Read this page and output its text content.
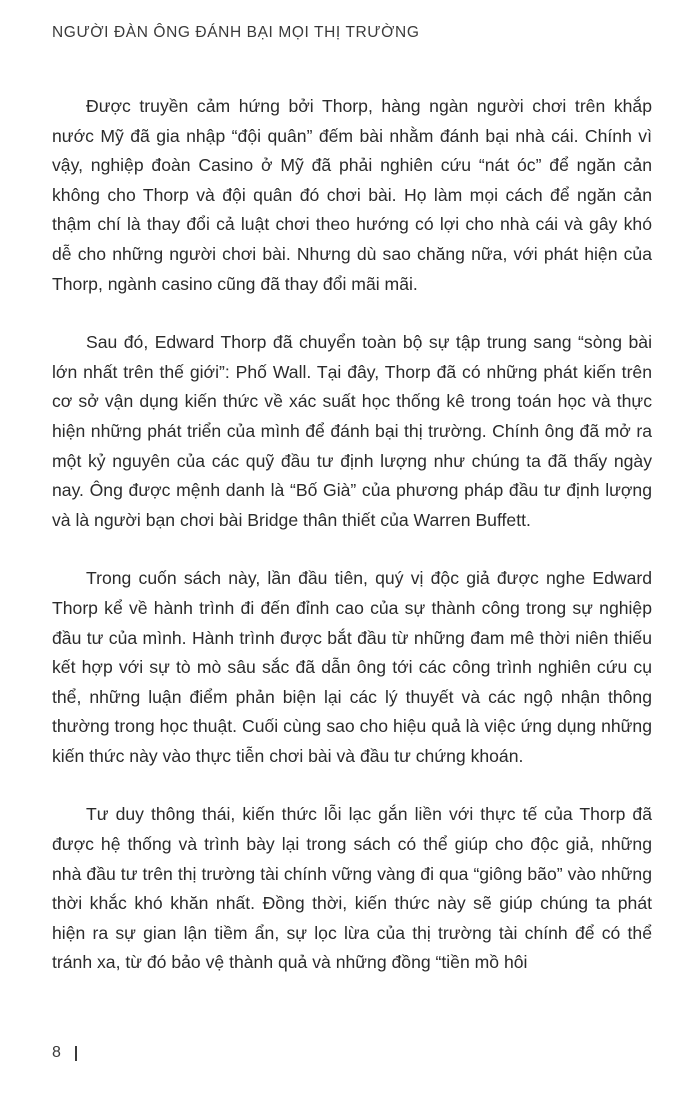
NGƯỜI ĐÀN ÔNG ĐÁNH BẠI MỌI THỊ TRƯỜNG

Được truyền cảm hứng bởi Thorp, hàng ngàn người chơi trên khắp nước Mỹ đã gia nhập “đội quân” đếm bài nhằm đánh bại nhà cái. Chính vì vậy, nghiệp đoàn Casino ở Mỹ đã phải nghiên cứu “nát óc” để ngăn cản không cho Thorp và đội quân đó chơi bài. Họ làm mọi cách để ngăn cản thậm chí là thay đổi cả luật chơi theo hướng có lợi cho nhà cái và gây khó dễ cho những người chơi bài. Nhưng dù sao chăng nữa, với phát hiện của Thorp, ngành casino cũng đã thay đổi mãi mãi.

Sau đó, Edward Thorp đã chuyển toàn bộ sự tập trung sang “sòng bài lớn nhất trên thế giới”: Phố Wall. Tại đây, Thorp đã có những phát kiến trên cơ sở vận dụng kiến thức về xác suất học thống kê trong toán học và thực hiện những phát triển của mình để đánh bại thị trường. Chính ông đã mở ra một kỷ nguyên của các quỹ đầu tư định lượng như chúng ta đã thấy ngày nay. Ông được mệnh danh là “Bố Già” của phương pháp đầu tư định lượng và là người bạn chơi bài Bridge thân thiết của Warren Buffett.

Trong cuốn sách này, lần đầu tiên, quý vị độc giả được nghe Edward Thorp kể về hành trình đi đến đỉnh cao của sự thành công trong sự nghiệp đầu tư của mình. Hành trình được bắt đầu từ những đam mê thời niên thiếu kết hợp với sự tò mò sâu sắc đã dẫn ông tới các công trình nghiên cứu cụ thể, những luận điểm phản biện lại các lý thuyết và các ngộ nhận thông thường trong học thuật. Cuối cùng sao cho hiệu quả là việc ứng dụng những kiến thức này vào thực tiễn chơi bài và đầu tư chứng khoán.

Tư duy thông thái, kiến thức lỗi lạc gắn liền với thực tế của Thorp đã được hệ thống và trình bày lại trong sách có thể giúp cho độc giả, những nhà đầu tư trên thị trường tài chính vững vàng đi qua “giông bão” vào những thời khắc khó khăn nhất. Đồng thời, kiến thức này sẽ giúp chúng ta phát hiện ra sự gian lận tiềm ẩn, sự lọc lừa của thị trường tài chính để có thể tránh xa, từ đó bảo vệ thành quả và những đồng “tiền mồ hôi

8
